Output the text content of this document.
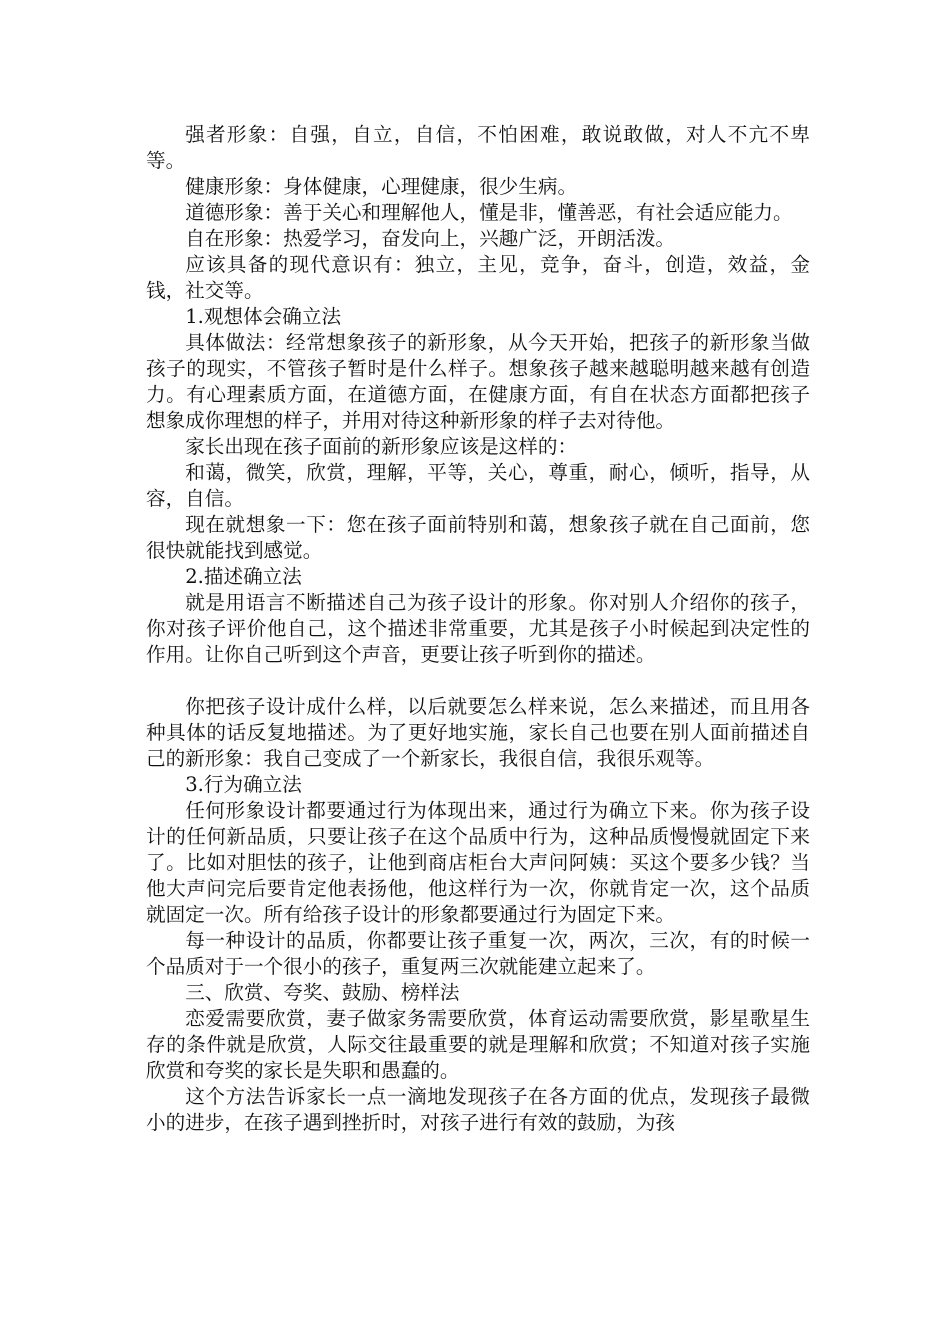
强者形象：自强，自立，自信，不怕困难，敢说敢做，对人不亢不卑等。

健康形象：身体健康，心理健康，很少生病。

道德形象：善于关心和理解他人，懂是非，懂善恶，有社会适应能力。

自在形象：热爱学习，奋发向上，兴趣广泛，开朗活泼。

应该具备的现代意识有：独立，主见，竞争，奋斗，创造，效益，金钱，社交等。

1.观想体会确立法

具体做法：经常想象孩子的新形象，从今天开始，把孩子的新形象当做孩子的现实，不管孩子暂时是什么样子。想象孩子越来越聪明越来越有创造力。有心理素质方面，在道德方面，在健康方面，有自在状态方面都把孩子想象成你理想的样子，并用对待这种新形象的样子去对待他。

家长出现在孩子面前的新形象应该是这样的：

和蔼，微笑，欣赏，理解，平等，关心，尊重，耐心，倾听，指导，从容，自信。

现在就想象一下：您在孩子面前特别和蔼，想象孩子就在自己面前，您很快就能找到感觉。

2.描述确立法

就是用语言不断描述自己为孩子设计的形象。你对别人介绍你的孩子，你对孩子评价他自己，这个描述非常重要，尤其是孩子小时候起到决定性的作用。让你自己听到这个声音，更要让孩子听到你的描述。

你把孩子设计成什么样，以后就要怎么样来说，怎么来描述，而且用各种具体的话反复地描述。为了更好地实施，家长自己也要在别人面前描述自己的新形象：我自己变成了一个新家长，我很自信，我很乐观等。

3.行为确立法

任何形象设计都要通过行为体现出来，通过行为确立下来。你为孩子设计的任何新品质，只要让孩子在这个品质中行为，这种品质慢慢就固定下来了。比如对胆怯的孩子，让他到商店柜台大声问阿姨：买这个要多少钱？当他大声问完后要肯定他表扬他，他这样行为一次，你就肯定一次，这个品质就固定一次。所有给孩子设计的形象都要通过行为固定下来。

每一种设计的品质，你都要让孩子重复一次，两次，三次，有的时候一个品质对于一个很小的孩子，重复两三次就能建立起来了。

三、欣赏、夸奖、鼓励、榜样法

恋爱需要欣赏，妻子做家务需要欣赏，体育运动需要欣赏，影星歌星生存的条件就是欣赏，人际交往最重要的就是理解和欣赏；不知道对孩子实施欣赏和夸奖的家长是失职和愚蠢的。

这个方法告诉家长一点一滴地发现孩子在各方面的优点，发现孩子最微小的进步，在孩子遇到挫折时，对孩子进行有效的鼓励，为孩
